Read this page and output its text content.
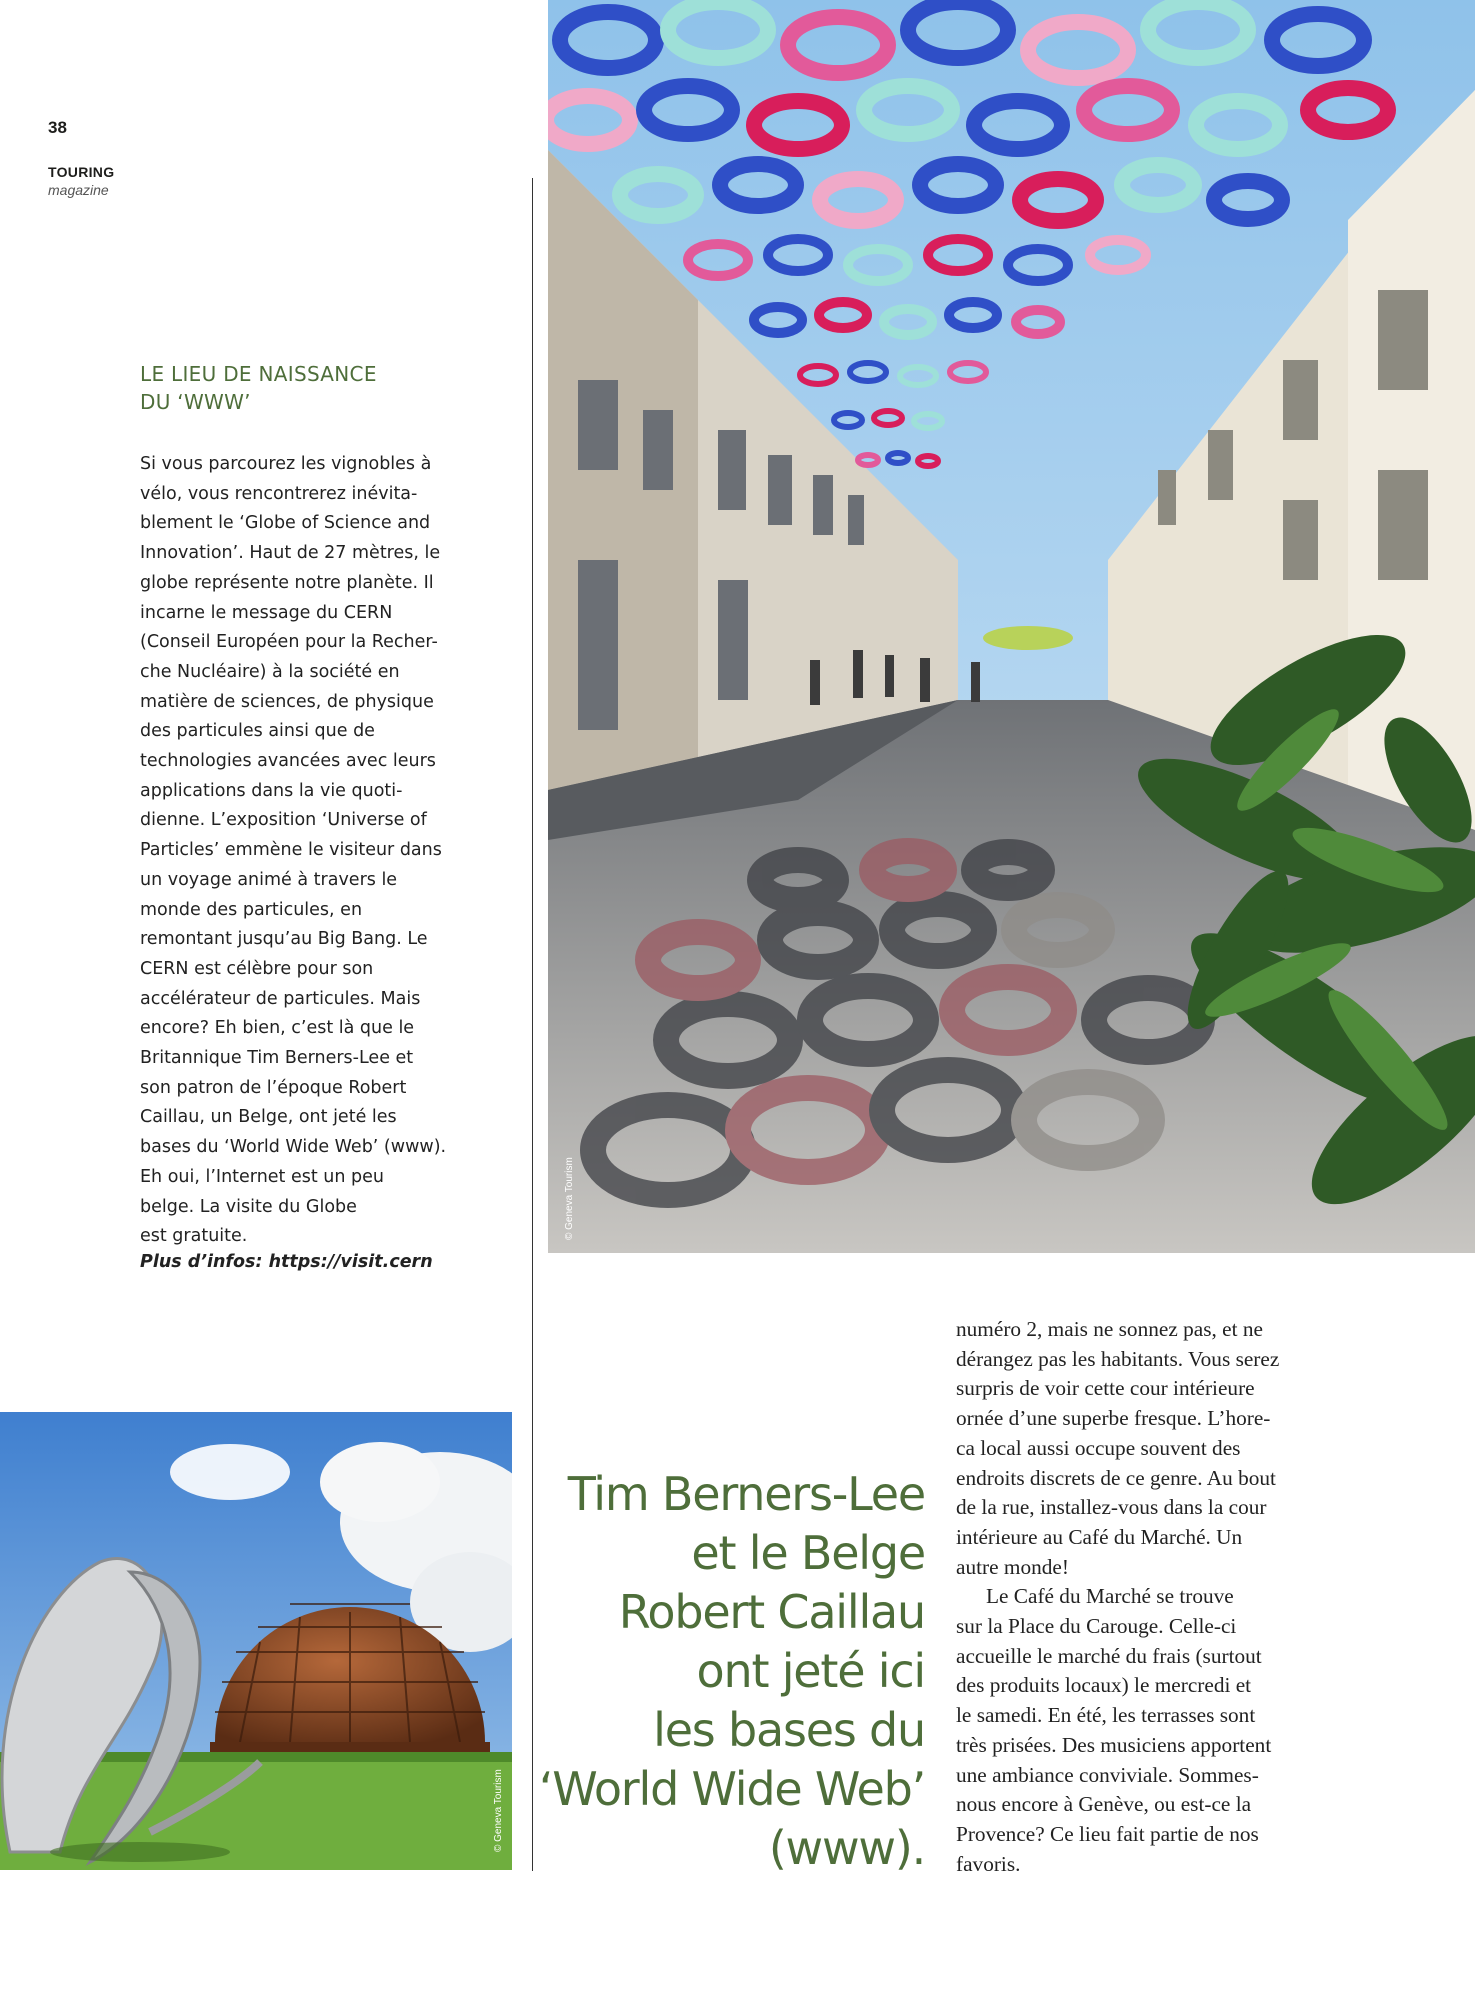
38
TOURING
magazine
LE LIEU DE NAISSANCE
DU ‘WWW’
Si vous parcourez les vignobles à
vélo, vous rencontrerez inévita-
blement le ‘Globe of Science and
Innovation’. Haut de 27 mètres, le
globe représente notre planète. Il
incarne le message du CERN
(Conseil Européen pour la Recher-
che Nucléaire) à la société en
matière de sciences, de physique
des particules ainsi que de
technologies avancées avec leurs
applications dans la vie quoti-
dienne. L’exposition ‘Universe of
Particles’ emmène le visiteur dans
un voyage animé à travers le
monde des particules, en
remontant jusqu’au Big Bang. Le
CERN est célèbre pour son
accélérateur de particules. Mais
encore? Eh bien, c’est là que le
Britannique Tim Berners-Lee et
son patron de l’époque Robert
Caillau, un Belge, ont jeté les
bases du ‘World Wide Web’ (www).
Eh oui, l’Internet est un peu
belge. La visite du Globe
est gratuite.
Plus d’infos: https://visit.cern
© Geneva Tourism
© Geneva Tourism
Tim Berners-Lee
et le Belge
Robert Caillau
ont jeté ici
les bases du
‘World Wide Web’
(www).

numéro 2, mais ne sonnez pas, et ne
dérangez pas les habitants. Vous serez
surpris de voir cette cour intérieure
ornée d’une superbe fresque. L’hore-
ca local aussi occupe souvent des
endroits discrets de ce genre. Au bout
de la rue, installez-vous dans la cour
intérieure au Café du Marché. Un
autre monde!

Le Café du Marché se trouve
sur la Place du Carouge. Celle-ci
accueille le marché du frais (surtout
des produits locaux) le mercredi et
le samedi. En été, les terrasses sont
très prisées. Des musiciens apportent
une ambiance conviviale. Sommes-
nous encore à Genève, ou est-ce la
Provence? Ce lieu fait partie de nos
favoris.
